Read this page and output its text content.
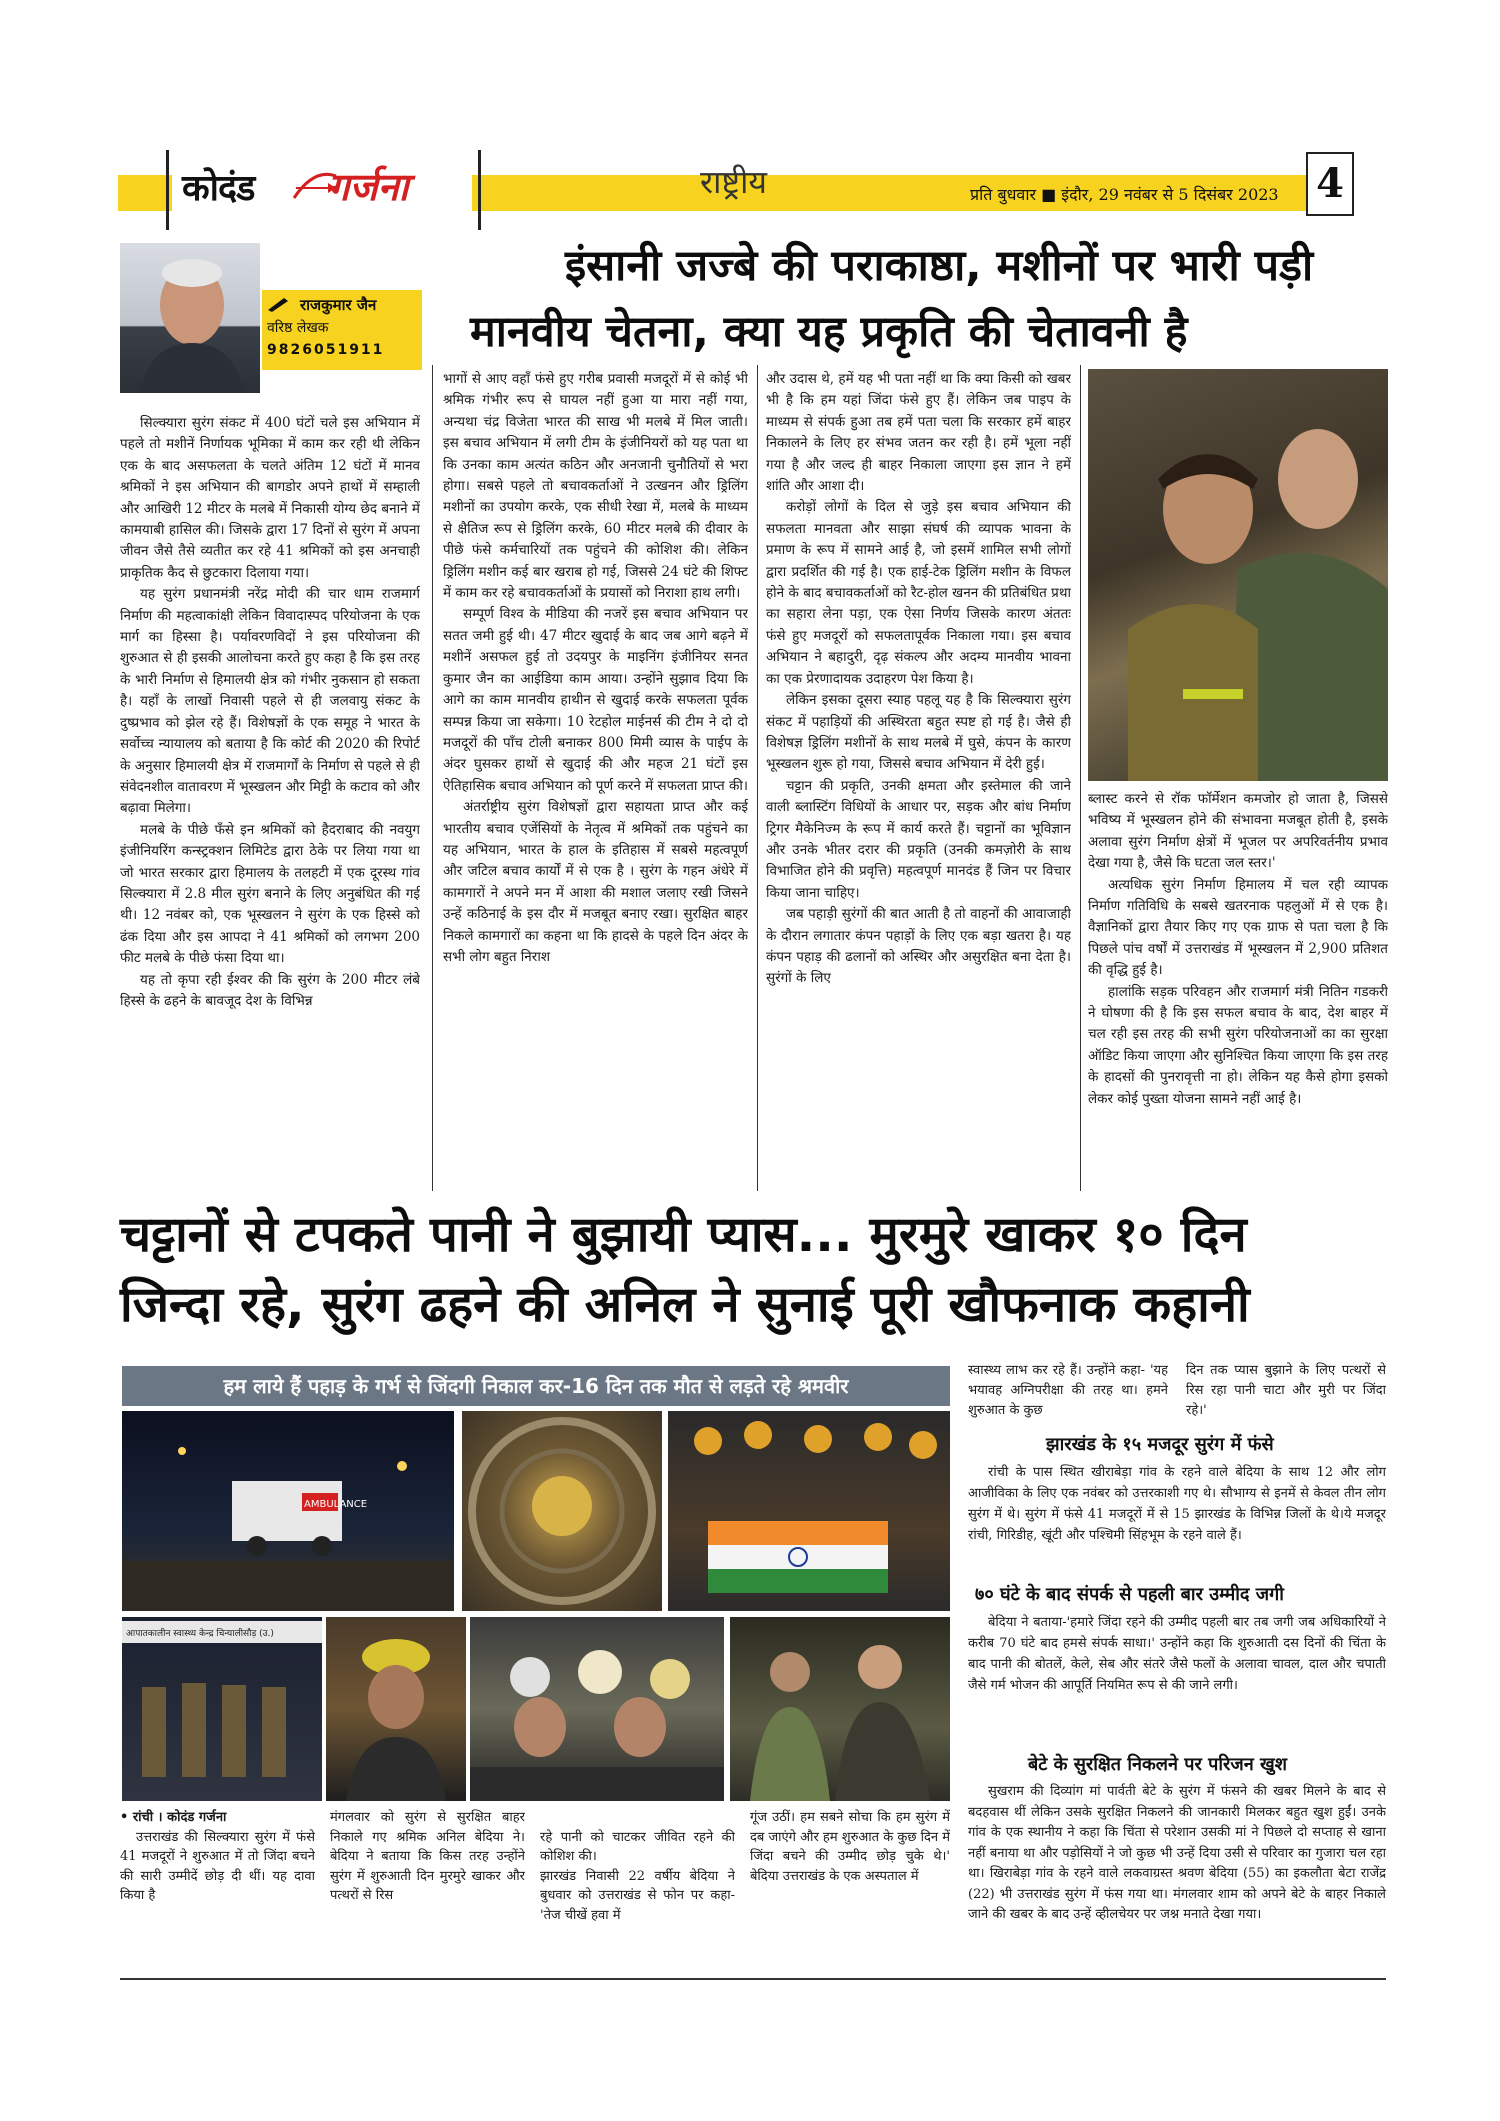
कोदंड गर्जना	राष्ट्रीय	प्रति बुधवार ■ इंदौर, 29 नवंबर से 5 दिसंबर 2023 4
राजकुमार जैन
वरिष्ठ लेखक
9826051911
इंसानी जज्बे की पराकाष्ठा, मशीनों पर भारी पड़ी
मानवीय चेतना, क्या यह प्रकृति की चेतावनी है

सिल्क्यारा सुरंग संकट में 400 घंटों चले इस अभियान में पहले तो मशीनें निर्णायक भूमिका में काम कर रही थी लेकिन एक के बाद असफलता के चलते अंतिम 12 घंटों में मानव श्रमिकों ने इस अभियान की बागडोर अपने हाथों में सम्हाली और आखिरी 12 मीटर के मलबे में निकासी योग्य छेद बनाने में कामयाबी हासिल की। जिसके द्वारा 17 दिनों से सुरंग में अपना जीवन जैसे तैसे व्यतीत कर रहे 41 श्रमिकों को इस अनचाही प्राकृतिक कैद से छुटकारा दिलाया गया।

यह सुरंग प्रधानमंत्री नरेंद्र मोदी की चार धाम राजमार्ग निर्माण की महत्वाकांक्षी लेकिन विवादास्पद परियोजना के एक मार्ग का हिस्सा है। पर्यावरणविदों ने इस परियोजना की शुरुआत से ही इसकी आलोचना करते हुए कहा है कि इस तरह के भारी निर्माण से हिमालयी क्षेत्र को गंभीर नुकसान हो सकता है। यहाँ के लाखों निवासी पहले से ही जलवायु संकट के दुष्प्रभाव को झेल रहे हैं। विशेषज्ञों के एक समूह ने भारत के सर्वोच्च न्यायालय को बताया है कि कोर्ट की 2020 की रिपोर्ट के अनुसार हिमालयी क्षेत्र में राजमार्गों के निर्माण से पहले से ही संवेदनशील वातावरण में भूस्खलन और मिट्टी के कटाव को और बढ़ावा मिलेगा।

मलबे के पीछे फँसे इन श्रमिकों को हैदराबाद की नवयुग इंजीनियरिंग कन्स्ट्रक्शन लिमिटेड द्वारा ठेके पर लिया गया था जो भारत सरकार द्वारा हिमालय के तलहटी में एक दूरस्थ गांव सिल्क्यारा में 2.8 मील सुरंग बनाने के लिए अनुबंधित की गई थी। 12 नवंबर को, एक भूस्खलन ने सुरंग के एक हिस्से को ढंक दिया और इस आपदा ने 41 श्रमिकों को लगभग 200 फीट मलबे के पीछे फंसा दिया था।

यह तो कृपा रही ईश्वर की कि सुरंग के 200 मीटर लंबे हिस्से के ढहने के बावजूद देश के विभिन्न

भागों से आए वहाँ फंसे हुए गरीब प्रवासी मजदूरों में से कोई भी श्रमिक गंभीर रूप से घायल नहीं हुआ या मारा नहीं गया, अन्यथा चंद्र विजेता भारत की साख भी मलबे में मिल जाती। इस बचाव अभियान में लगी टीम के इंजीनियरों को यह पता था कि उनका काम अत्यंत कठिन और अनजानी चुनौतियों से भरा होगा। सबसे पहले तो बचावकर्ताओं ने उत्खनन और ड्रिलिंग मशीनों का उपयोग करके, एक सीधी रेखा में, मलबे के माध्यम से क्षैतिज रूप से ड्रिलिंग करके, 60 मीटर मलबे की दीवार के पीछे फंसे कर्मचारियों तक पहुंचने की कोशिश की। लेकिन ड्रिलिंग मशीन कई बार खराब हो गई, जिससे 24 घंटे की शिफ्ट में काम कर रहे बचावकर्ताओं के प्रयासों को निराशा हाथ लगी।

सम्पूर्ण विश्व के मीडिया की नजरें इस बचाव अभियान पर सतत जमी हुई थी। 47 मीटर खुदाई के बाद जब आगे बढ़ने में मशीनें असफल हुई तो उदयपुर के माइनिंग इंजीनियर सनत कुमार जैन का आईडिया काम आया। उन्होंने सुझाव दिया कि आगे का काम मानवीय हाथीन से खुदाई करके सफलता पूर्वक सम्पन्न किया जा सकेगा। 10 रेटहोल माईनर्स की टीम ने दो दो मजदूरों की पाँच टोली बनाकर 800 मिमी व्यास के पाईप के अंदर घुसकर हाथों से खुदाई की और महज 21 घंटों इस ऐतिहासिक बचाव अभियान को पूर्ण करने में सफलता प्राप्त की।

अंतर्राष्ट्रीय सुरंग विशेषज्ञों द्वारा सहायता प्राप्त और कई भारतीय बचाव एजेंसियों के नेतृत्व में श्रमिकों तक पहुंचने का यह अभियान, भारत के हाल के इतिहास में सबसे महत्वपूर्ण और जटिल बचाव कार्यों में से एक है । सुरंग के गहन अंधेरे में कामगारों ने अपने मन में आशा की मशाल जलाए रखी जिसने उन्हें कठिनाई के इस दौर में मजबूत बनाए रखा। सुरक्षित बाहर निकले कामगारों का कहना था कि हादसे के पहले दिन अंदर के सभी लोग बहुत निराश

और उदास थे, हमें यह भी पता नहीं था कि क्या किसी को खबर भी है कि हम यहां जिंदा फंसे हुए हैं। लेकिन जब पाइप के माध्यम से संपर्क हुआ तब हमें पता चला कि सरकार हमें बाहर निकालने के लिए हर संभव जतन कर रही है। हमें भूला नहीं गया है और जल्द ही बाहर निकाला जाएगा इस ज्ञान ने हमें शांति और आशा दी।

करोड़ों लोगों के दिल से जुड़े इस बचाव अभियान की सफलता मानवता और साझा संघर्ष की व्यापक भावना के प्रमाण के रूप में सामने आई है, जो इसमें शामिल सभी लोगों द्वारा प्रदर्शित की गई है। एक हाई-टेक ड्रिलिंग मशीन के विफल होने के बाद बचावकर्ताओं को रैट-होल खनन की प्रतिबंधित प्रथा का सहारा लेना पड़ा, एक ऐसा निर्णय जिसके कारण अंततः फंसे हुए मजदूरों को सफलतापूर्वक निकाला गया। इस बचाव अभियान ने बहादुरी, दृढ़ संकल्प और अदम्य मानवीय भावना का एक प्रेरणादायक उदाहरण पेश किया है।

लेकिन इसका दूसरा स्याह पहलू यह है कि सिल्क्यारा सुरंग संकट में पहाड़ियों की अस्थिरता बहुत स्पष्ट हो गई है। जैसे ही विशेषज्ञ ड्रिलिंग मशीनों के साथ मलबे में घुसे, कंपन के कारण भूस्खलन शुरू हो गया, जिससे बचाव अभियान में देरी हुई।

चट्टान की प्रकृति, उनकी क्षमता और इस्तेमाल की जाने वाली ब्लास्टिंग विधियों के आधार पर, सड़क और बांध निर्माण ट्रिगर मैकेनिज्म के रूप में कार्य करते हैं। चट्टानों का भूविज्ञान और उनके भीतर दरार की प्रकृति (उनकी कमज़ोरी के साथ विभाजित होने की प्रवृत्ति) महत्वपूर्ण मानदंड हैं जिन पर विचार किया जाना चाहिए।

जब पहाड़ी सुरंगों की बात आती है तो वाहनों की आवाजाही के दौरान लगातार कंपन पहाड़ों के लिए एक बड़ा खतरा है। यह कंपन पहाड़ की ढलानों को अस्थिर और असुरक्षित बना देता है। सुरंगों के लिए

ब्लास्ट करने से रॉक फॉर्मेशन कमजोर हो जाता है, जिससे भविष्य में भूस्खलन होने की संभावना मजबूत होती है, इसके अलावा सुरंग निर्माण क्षेत्रों में भूजल पर अपरिवर्तनीय प्रभाव देखा गया है, जैसे कि घटता जल स्तर।'

अत्यधिक सुरंग निर्माण हिमालय में चल रही व्यापक निर्माण गतिविधि के सबसे खतरनाक पहलुओं में से एक है। वैज्ञानिकों द्वारा तैयार किए गए एक ग्राफ से पता चला है कि पिछले पांच वर्षों में उत्तराखंड में भूस्खलन में 2,900 प्रतिशत की वृद्धि हुई है।

हालांकि सड़क परिवहन और राजमार्ग मंत्री नितिन गडकरी ने घोषणा की है कि इस सफल बचाव के बाद, देश बाहर में चल रही इस तरह की सभी सुरंग परियोजनाओं का का सुरक्षा ऑडिट किया जाएगा और सुनिश्चित किया जाएगा कि इस तरह के हादसों की पुनरावृत्ती ना हो। लेकिन यह कैसे होगा इसको लेकर कोई पुख्ता योजना सामने नहीं आई है।

चट्टानों से टपकते पानी ने बुझायी प्यास... मुरमुरे खाकर १० दिन
जिन्दा रहे, सुरंग ढहने की अनिल ने सुनाई पूरी खौफनाक कहानी
हम लाये हैं पहाड़ के गर्भ से जिंदगी निकाल कर-16 दिन तक मौत से लड़ते रहे श्रमवीर
AMBULANCE
आपातकालीन स्वास्थ्य केन्द्र चिन्यालीसौड़ (उ.)

• रांची । कोदंड गर्जना

उत्तराखंड की सिल्क्यारा सुरंग में फंसे 41 मजदूरों ने शुरुआत में तो जिंदा बचने की सारी उम्मीदें छोड़ दी थीं। यह दावा किया है

मंगलवार को सुरंग से सुरक्षित बाहर निकाले गए श्रमिक अनिल बेदिया ने। बेदिया ने बताया कि किस तरह उन्होंने सुरंग में शुरुआती दिन मुरमुरे खाकर और पत्थरों से रिस

रहे पानी को चाटकर जीवित रहने की कोशिश की।
झारखंड निवासी 22 वर्षीय बेदिया ने बुधवार को उत्तराखंड से फोन पर कहा-'तेज चीखें हवा में

गूंज उठीं। हम सबने सोचा कि हम सुरंग में दब जाएंगे और हम शुरुआत के कुछ दिन में जिंदा बचने की उम्मीद छोड़ चुके थे।' बेदिया उत्तराखंड के एक अस्पताल में

स्वास्थ्य लाभ कर रहे हैं। उन्होंने कहा- 'यह भयावह अग्निपरीक्षा की तरह था। हमने शुरुआत के कुछ

दिन तक प्यास बुझाने के लिए पत्थरों से रिस रहा पानी चाटा और मुरी पर जिंदा रहे।'

झारखंड के १५ मजदूर सुरंग में फंसे

रांची के पास स्थित खीराबेड़ा गांव के रहने वाले बेदिया के साथ 12 और लोग आजीविका के लिए एक नवंबर को उत्तरकाशी गए थे। सौभाग्य से इनमें से केवल तीन लोग सुरंग में थे। सुरंग में फंसे 41 मजदूरों में से 15 झारखंड के विभिन्न जिलों के थे।ये मजदूर रांची, गिरिडीह, खूंटी और पश्चिमी सिंहभूम के रहने वाले हैं।

७० घंटे के बाद संपर्क से पहली बार उम्मीद जगी

बेदिया ने बताया-'हमारे जिंदा रहने की उम्मीद पहली बार तब जगी जब अधिकारियों ने करीब 70 घंटे बाद हमसे संपर्क साधा।' उन्होंने कहा कि शुरुआती दस दिनों की चिंता के बाद पानी की बोतलें, केले, सेब और संतरे जैसे फलों के अलावा चावल, दाल और चपाती जैसे गर्म भोजन की आपूर्ति नियमित रूप से की जाने लगी।

बेटे के सुरक्षित निकलने पर परिजन खुश

सुखराम की दिव्यांग मां पार्वती बेटे के सुरंग में फंसने की खबर मिलने के बाद से बदहवास थीं लेकिन उसके सुरक्षित निकलने की जानकारी मिलकर बहुत खुश हुईं। उनके गांव के एक स्थानीय ने कहा कि चिंता से परेशान उसकी मां ने पिछले दो सप्ताह से खाना नहीं बनाया था और पड़ोसियों ने जो कुछ भी उन्हें दिया उसी से परिवार का गुजारा चल रहा था। खिराबेड़ा गांव के रहने वाले लकवाग्रस्त श्रवण बेदिया (55) का इकलौता बेटा राजेंद्र (22) भी उत्तराखंड सुरंग में फंस गया था। मंगलवार शाम को अपने बेटे के बाहर निकाले जाने की खबर के बाद उन्हें व्हीलचेयर पर जश्न मनाते देखा गया।
